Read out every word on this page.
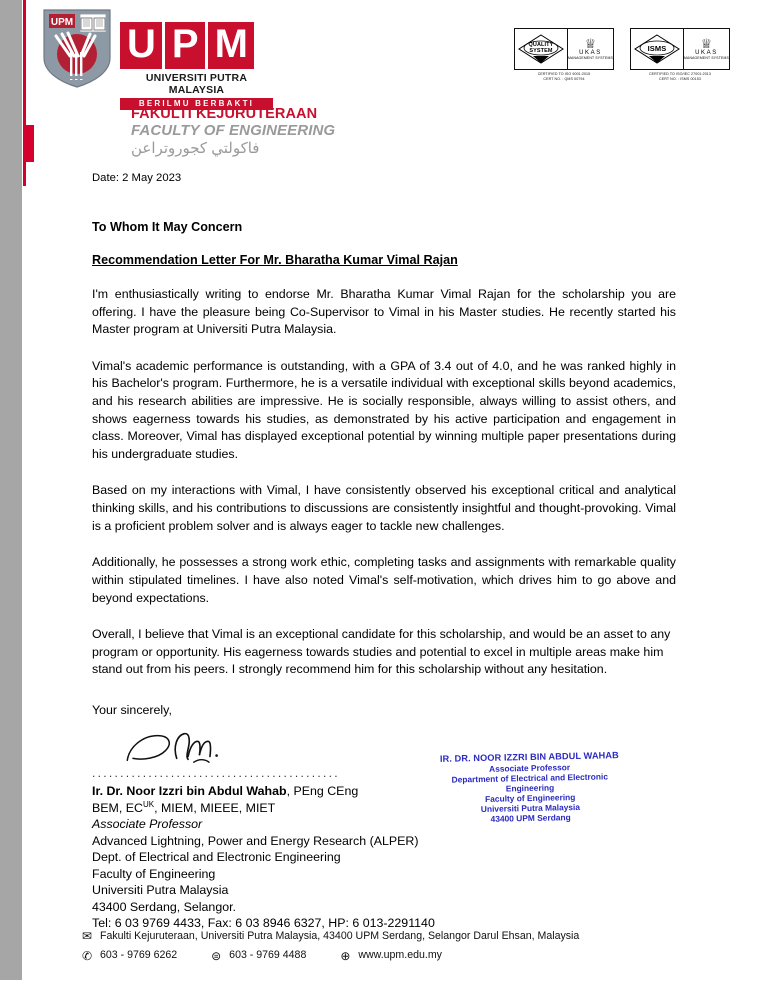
UPM U P M
UNIVERSITI PUTRA MALAYSIA
BERILMU BERBAKTI
QUALITY SYSTEM	♕
UKAS
MANAGEMENT SYSTEMS
CERTIFIED TO ISO 9001:2015
CERT NO. : QMS 00794
ISMS	♕
UKAS
MANAGEMENT SYSTEMS
CERTIFIED TO ISO/IEC 27001:2013
CERT NO. : ISMS 00153
FAKULTI KEJURUTERAAN
FACULTY OF ENGINEERING
فاكولتي كجوروتراعن
Date: 2 May 2023
To Whom It May Concern
Recommendation Letter For Mr. Bharatha Kumar Vimal Rajan

I'm enthusiastically writing to endorse Mr. Bharatha Kumar Vimal Rajan for the scholarship you are offering. I have the pleasure being Co-Supervisor to Vimal in his Master studies. He recently started his Master program at Universiti Putra Malaysia.

Vimal's academic performance is outstanding, with a GPA of 3.4 out of 4.0, and he was ranked highly in his Bachelor's program. Furthermore, he is a versatile individual with exceptional skills beyond academics, and his research abilities are impressive. He is socially responsible, always willing to assist others, and shows eagerness towards his studies, as demonstrated by his active participation and engagement in class. Moreover, Vimal has displayed exceptional potential by winning multiple paper presentations during his undergraduate studies.

Based on my interactions with Vimal, I have consistently observed his exceptional critical and analytical thinking skills, and his contributions to discussions are consistently insightful and thought-provoking. Vimal is a proficient problem solver and is always eager to tackle new challenges.

Additionally, he possesses a strong work ethic, completing tasks and assignments with remarkable quality within stipulated timelines. I have also noted Vimal's self-motivation, which drives him to go above and beyond expectations.

Overall, I believe that Vimal is an exceptional candidate for this scholarship, and would be an asset to any program or opportunity. His eagerness towards studies and potential to excel in multiple areas make him stand out from his peers. I strongly recommend him for this scholarship without any hesitation.

Your sincerely,
............................................
Ir. Dr. Noor Izzri bin Abdul Wahab, PEng CEng
BEM, $EC^{UK}$, MIEM, MIEEE, MIET
Associate Professor
Advanced Lightning, Power and Energy Research (ALPER)
Dept. of Electrical and Electronic Engineering
Faculty of Engineering
Universiti Putra Malaysia
43400 Serdang, Selangor.
Tel: 6 03 9769 4433, Fax: 6 03 8946 6327, HP: 6 013-2291140
IR. DR. NOOR IZZRI BIN ABDUL WAHAB
Associate Professor
Department of Electrical and Electronic Engineering
Faculty of Engineering
Universiti Putra Malaysia
43400 UPM Serdang
✉ Fakulti Kejuruteraan, Universiti Putra Malaysia, 43400 UPM Serdang, Selangor Darul Ehsan, Malaysia
✆ 603 - 9769 6262	⊜ 603 - 9769 4488	⊕ www.upm.edu.my
